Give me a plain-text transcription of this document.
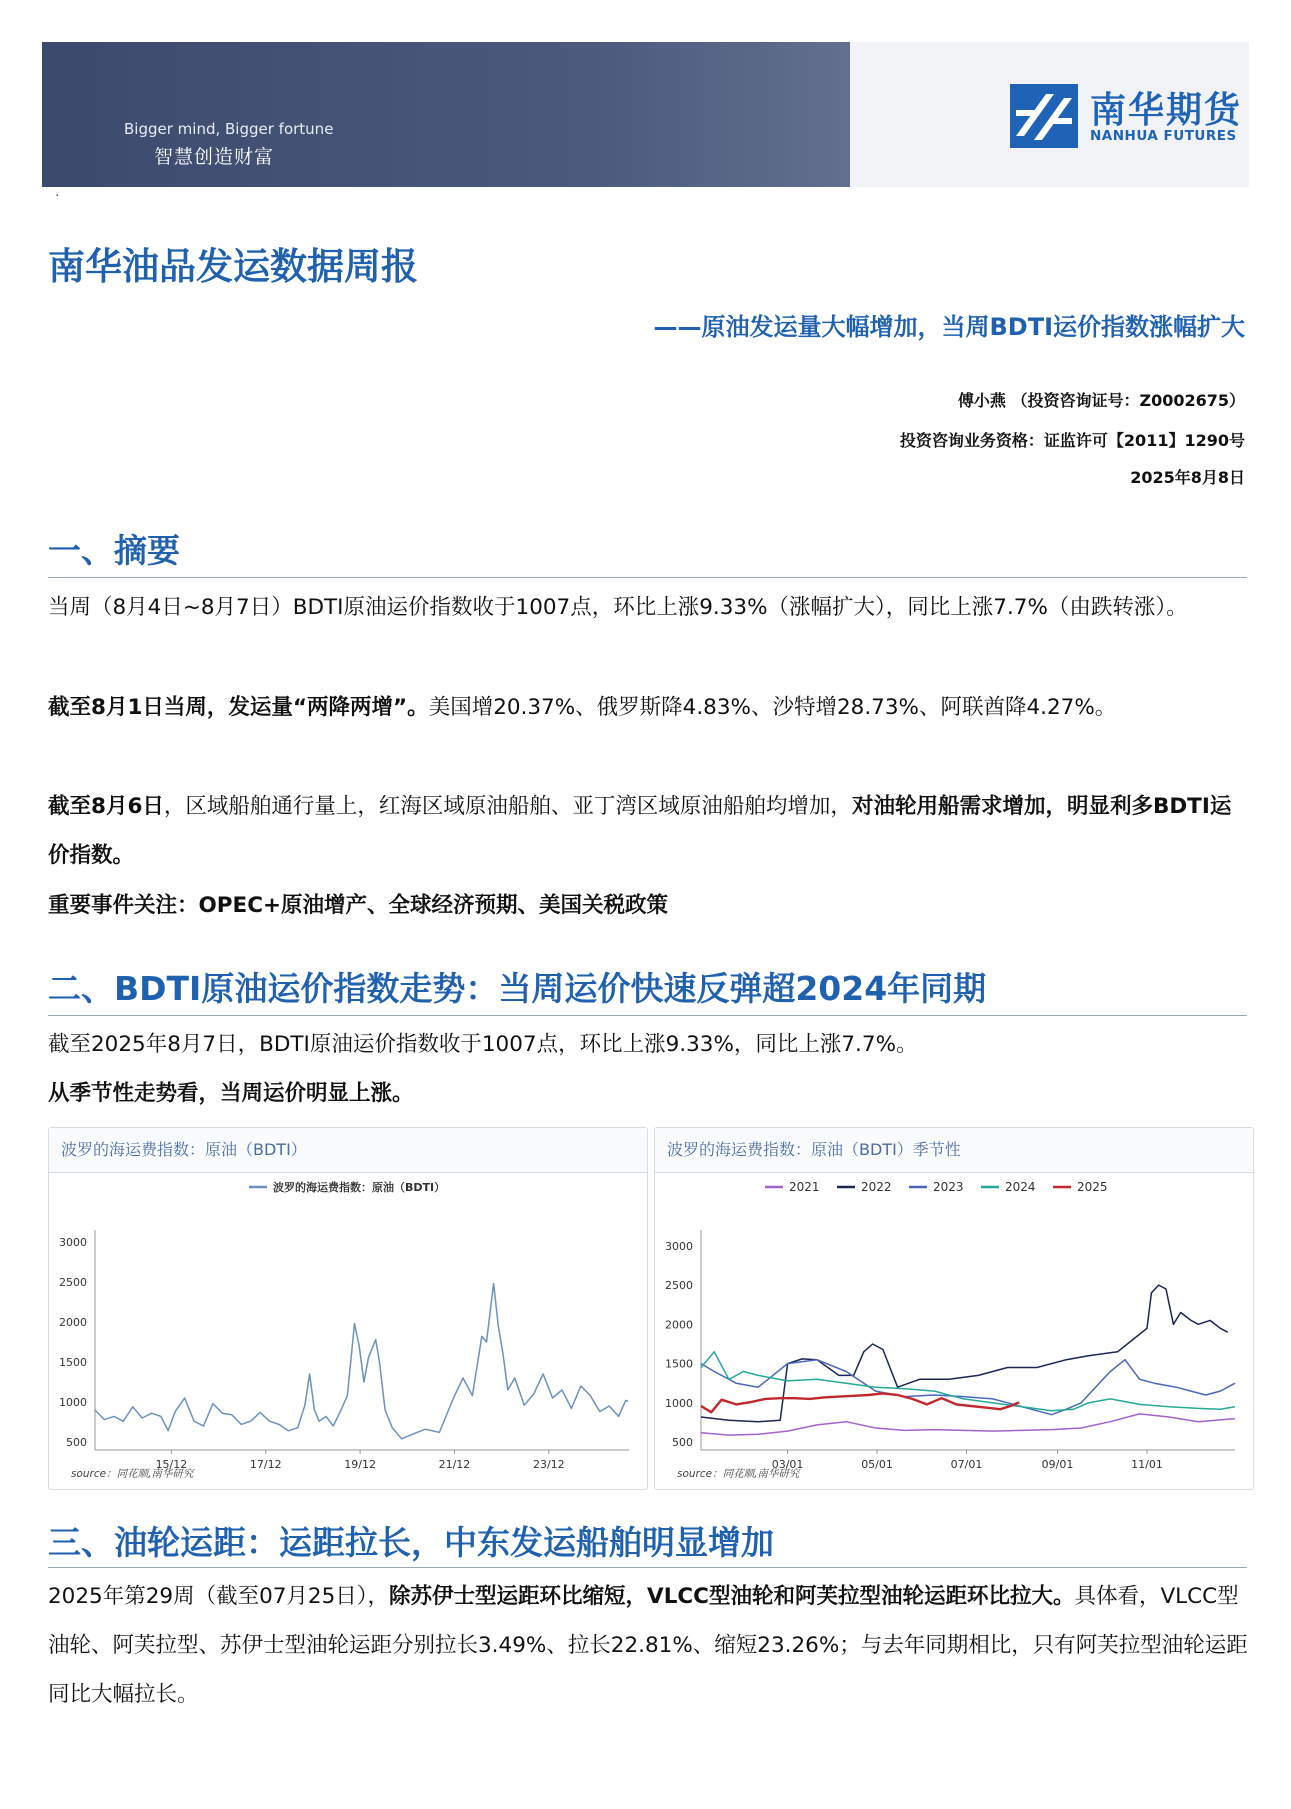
Bigger mind, Bigger fortune
智慧创造财富
南华期货
NANHUA FUTURES
·
南华油品发运数据周报
——原油发运量大幅增加，当周BDTI运价指数涨幅扩大
傅小燕 （投资咨询证号：Z0002675）
投资咨询业务资格：证监许可【2011】1290号
2025年8月8日
一、摘要

当周（8月4日~8月7日）BDTI原油运价指数收于1007点，环比上涨9.33%（涨幅扩大），同比上涨7.7%（由跌转涨）。

截至8月1日当周，发运量“两降两增”。美国增20.37%、俄罗斯降4.83%、沙特增28.73%、阿联酋降4.27%。

截至8月6日，区域船舶通行量上，红海区域原油船舶、亚丁湾区域原油船舶均增加，对油轮用船需求增加，明显利多BDTI运价指数。

重要事件关注：OPEC+原油增产、全球经济预期、美国关税政策

二、BDTI原油运价指数走势：当周运价快速反弹超2024年同期

截至2025年8月7日，BDTI原油运价指数收于1007点，环比上涨9.33%，同比上涨7.7%。

从季节性走势看，当周运价明显上涨。

波罗的海运费指数：原油（BDTI）
3000
2500
2000
1500
1000
500
15/12	17/12	19/12	21/12	23/12
波罗的海运费指数：原油（BDTI）
source：同花顺,南华研究
波罗的海运费指数：原油（BDTI）季节性
3000
2500
2000
1500
1000
500
03/01	05/01	07/01	09/01	11/01
2021	2022	2023	2024	2025
source：同花顺,南华研究
三、油轮运距：运距拉长，中东发运船舶明显增加

2025年第29周（截至07月25日），除苏伊士型运距环比缩短，VLCC型油轮和阿芙拉型油轮运距环比拉大。具体看，VLCC型油轮、阿芙拉型、苏伊士型油轮运距分别拉长3.49%、拉长22.81%、缩短23.26%；与去年同期相比，只有阿芙拉型油轮运距同比大幅拉长。
